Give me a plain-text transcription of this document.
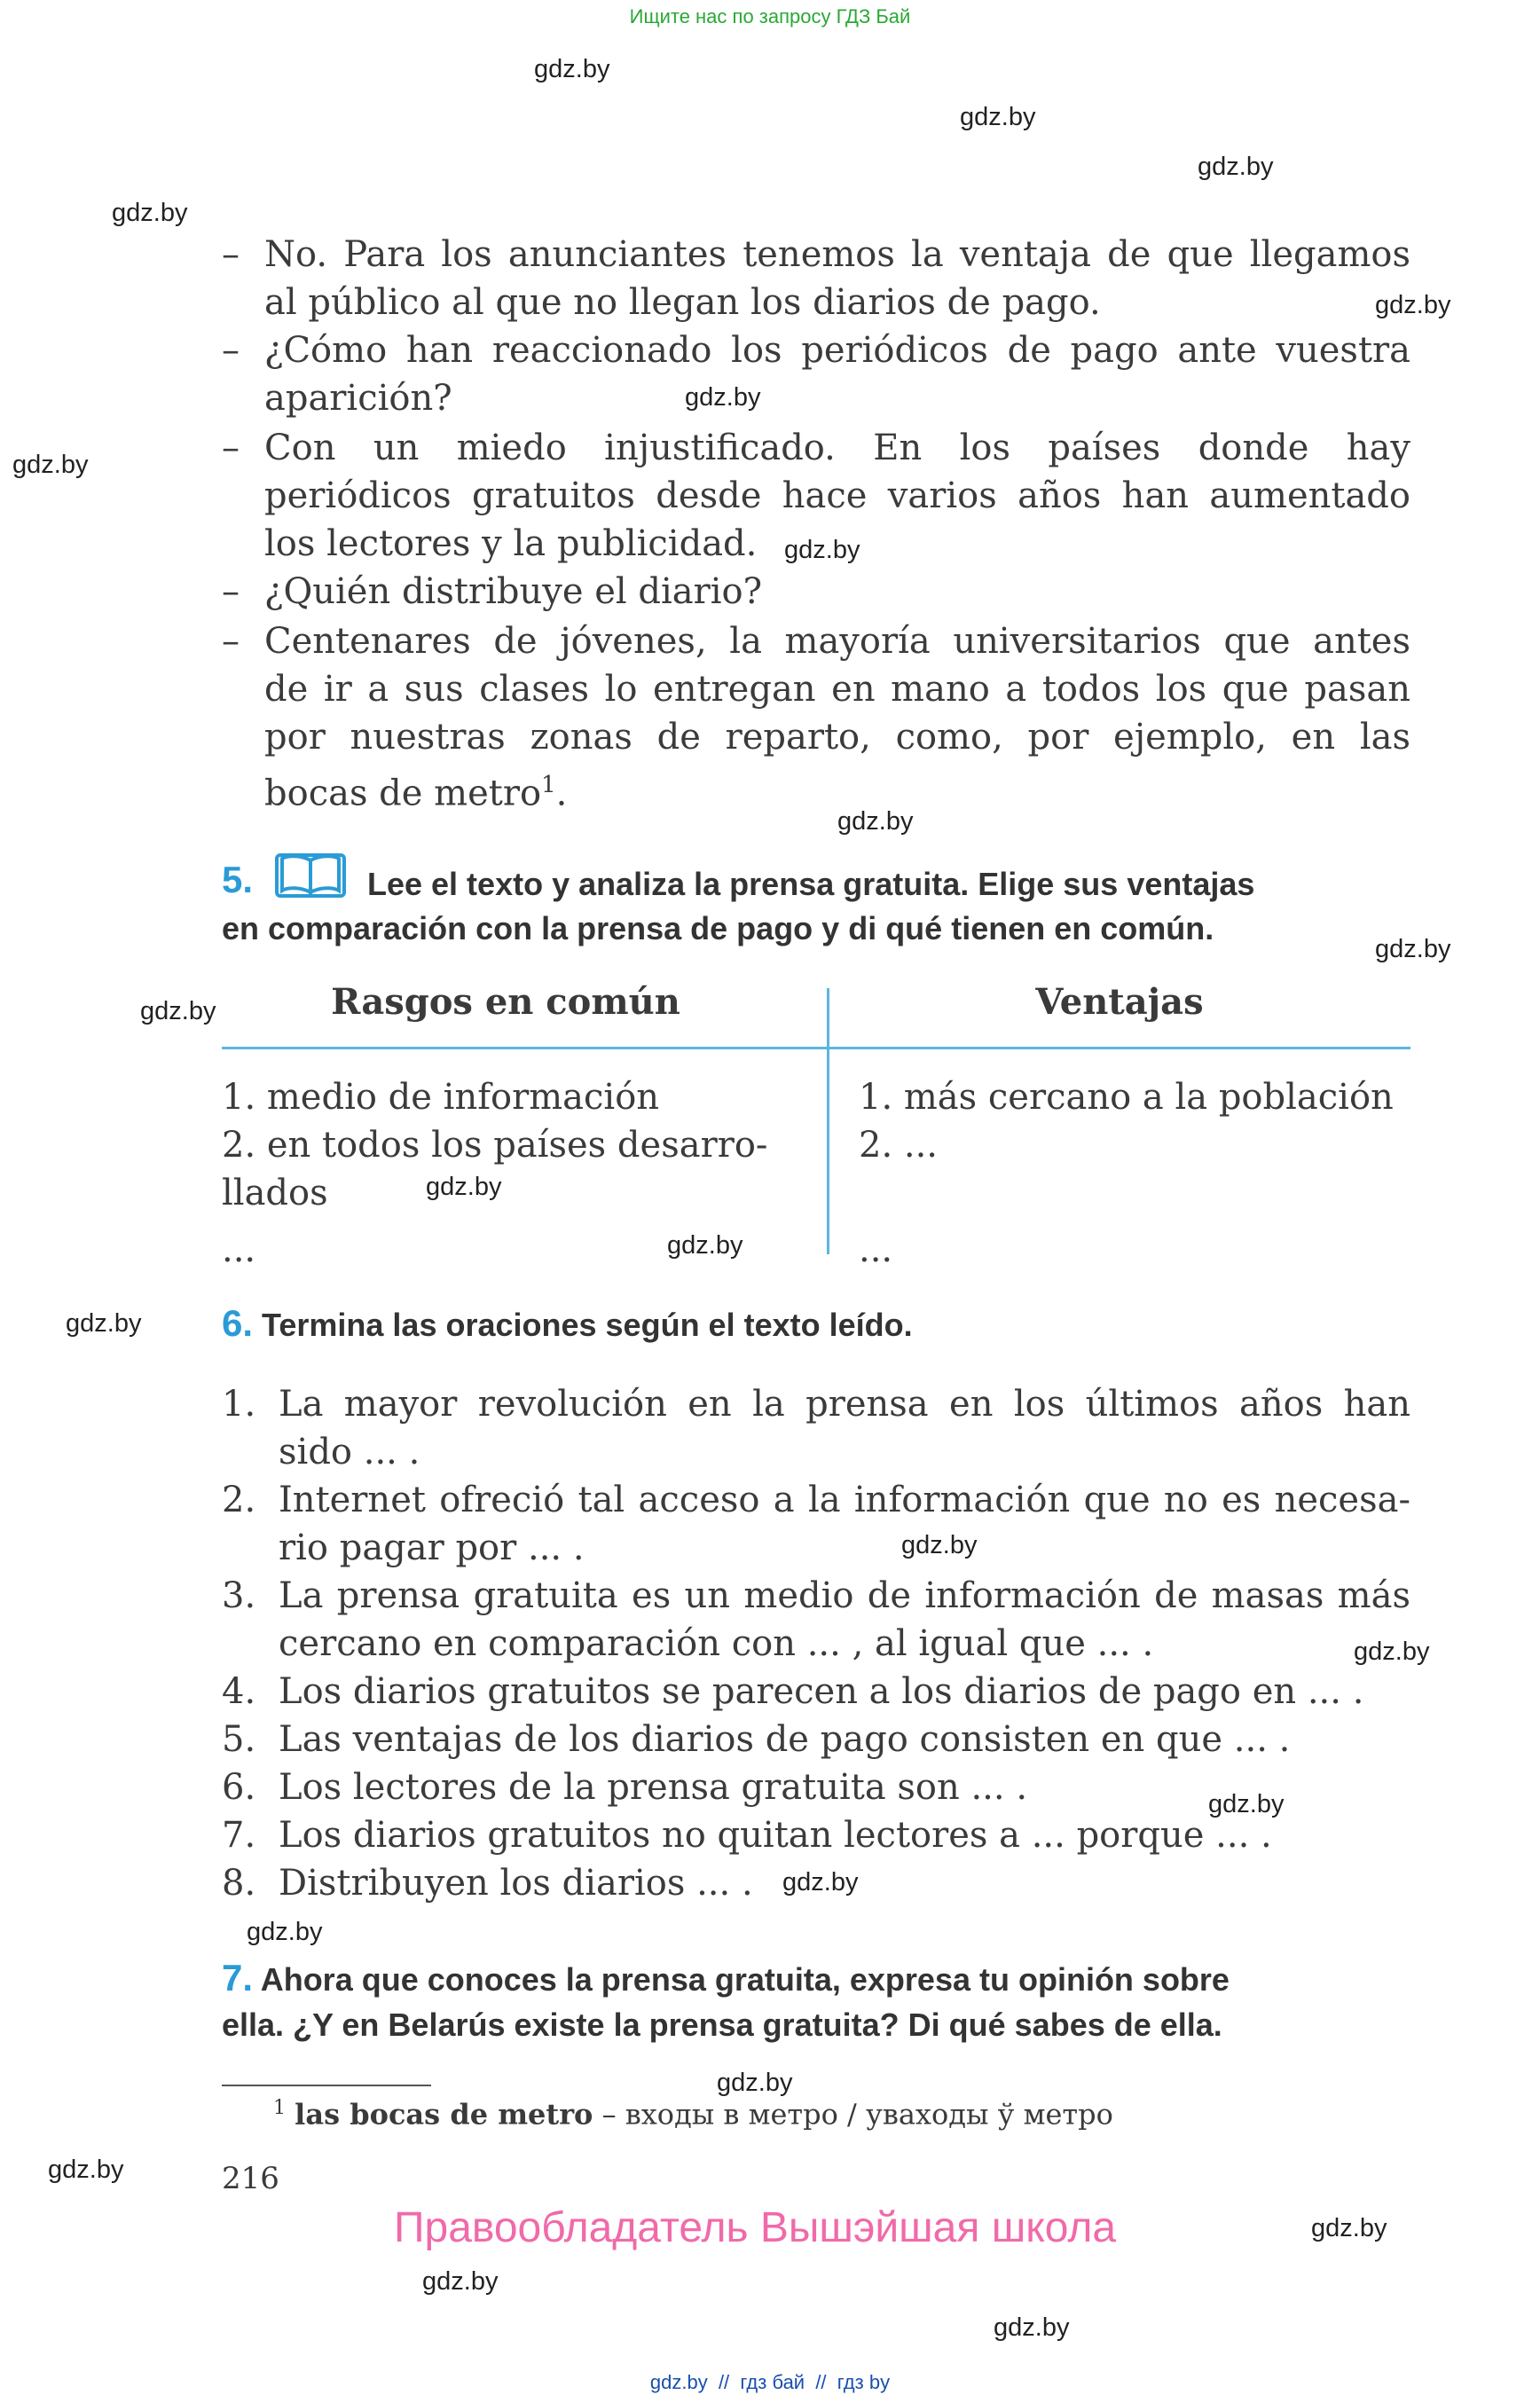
Ищите нас по запросу ГДЗ Бай
gdz.by
gdz.by
gdz.by
gdz.by
gdz.by
gdz.by
gdz.by
gdz.by
gdz.by
gdz.by
gdz.by
gdz.by
gdz.by
gdz.by
gdz.by
gdz.by
gdz.by
gdz.by
gdz.by
gdz.by
gdz.by
gdz.by
gdz.by
gdz.by
– No. Para los anunciantes tenemos la ventaja de que llegamos
al público al que no llegan los diarios de pago.
– ¿Cómo han reaccionado los periódicos de pago ante vuestra
aparición?
– Con un miedo injustificado. En los países donde hay
periódicos gratuitos desde hace varios años han aumentado
los lectores y la publicidad.
– ¿Quién distribuye el diario?
– Centenares de jóvenes, la mayoría universitarios que antes
de ir a sus clases lo entregan en mano a todos los que pasan
por nuestras zonas de reparto, como, por ejemplo, en las
bocas de metro$^1$.
5.	Lee el texto y analiza la prensa gratuita. Elige sus ventajas
en comparación con la prensa de pago y di qué tienen en común.
Rasgos en común	Ventajas
1. medio de información
2. en todos los países desarro-
llados
...
1. más cercano a la población
2. ...
...
6. Termina las oraciones según el texto leído.
1. La mayor revolución en la prensa en los últimos años han
sido ... .
2. Internet ofreció tal acceso a la información que no es necesa-
rio pagar por ... .
3. La prensa gratuita es un medio de información de masas más
cercano en comparación con ... , al igual que ... .
4. Los diarios gratuitos se parecen a los diarios de pago en ... .
5. Las ventajas de los diarios de pago consisten en que ... .
6. Los lectores de la prensa gratuita son ... .
7. Los diarios gratuitos no quitan lectores a ... porque ... .
8. Distribuyen los diarios ... .
7. Ahora que conoces la prensa gratuita, expresa tu opinión sobre
ella. ¿Y en Belarús existe la prensa gratuita? Di qué sabes de ella.
$^1$ las bocas de metro – входы в метро / уваходы ў метро
216
Правообладатель Вышэйшая школа
gdz.by  //  гдз бай  //  гдз by
